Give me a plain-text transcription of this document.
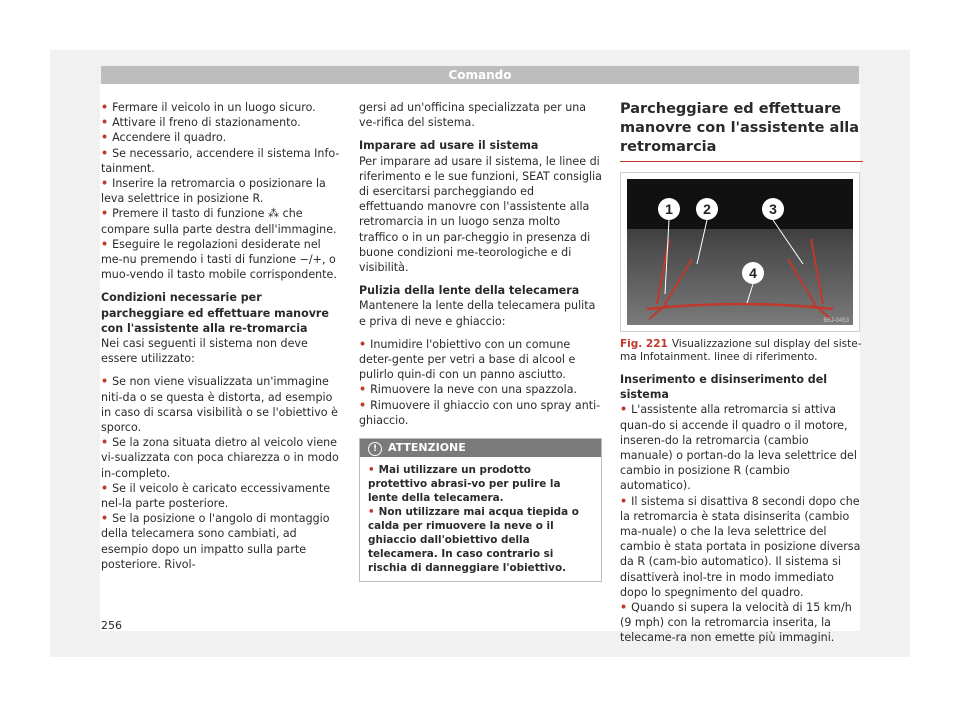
Comando
• Fermare il veicolo in un luogo sicuro.
• Attivare il freno di stazionamento.
• Accendere il quadro.
• Se necessario, accendere il sistema Info-tainment.
• Inserire la retromarcia o posizionare la leva selettrice in posizione R.
• Premere il tasto di funzione ⁂ che compare sulla parte destra dell'immagine.
• Eseguire le regolazioni desiderate nel me-nu premendo i tasti di funzione −/+, o muo-vendo il tasto mobile corrispondente.

Condizioni necessarie per parcheggiare ed effettuare manovre con l'assistente alla re-tromarcia

Nei casi seguenti il sistema non deve essere utilizzato:

• Se non viene visualizzata un'immagine niti-da o se questa è distorta, ad esempio in caso di scarsa visibilità o se l'obiettivo è sporco.
• Se la zona situata dietro al veicolo viene vi-sualizzata con poca chiarezza o in modo in-completo.
• Se il veicolo è caricato eccessivamente nel-la parte posteriore.
• Se la posizione o l'angolo di montaggio della telecamera sono cambiati, ad esempio dopo un impatto sulla parte posteriore. Rivol-

gersi ad un'officina specializzata per una ve-rifica del sistema.

Imparare ad usare il sistema

Per imparare ad usare il sistema, le linee di riferimento e le sue funzioni, SEAT consiglia di esercitarsi parcheggiando ed effettuando manovre con l'assistente alla retromarcia in un luogo senza molto traffico o in un par-cheggio in presenza di buone condizioni me-teorologiche e di visibilità.

Pulizia della lente della telecamera

Mantenere la lente della telecamera pulita e priva di neve e ghiaccio:

• Inumidire l'obiettivo con un comune deter-gente per vetri a base di alcool e pulirlo quin-di con un panno asciutto.
• Rimuovere la neve con una spazzola.
• Rimuovere il ghiaccio con uno spray anti-ghiaccio.
! ATTENZIONE
• Mai utilizzare un prodotto protettivo abrasi-vo per pulire la lente della telecamera.
• Non utilizzare mai acqua tiepida o calda per rimuovere la neve o il ghiaccio dall'obiettivo della telecamera. In caso contrario si rischia di danneggiare l'obiettivo.

Parcheggiare ed effettuare manovre con l'assistente alla retromarcia

1 2	3
4
B6J-0453
Fig. 221 Visualizzazione sul display del siste-ma Infotainment. linee di riferimento.

Inserimento e disinserimento del sistema

• L'assistente alla retromarcia si attiva quan-do si accende il quadro o il motore, inseren-do la retromarcia (cambio manuale) o portan-do la leva selettrice del cambio in posizione R (cambio automatico).
• Il sistema si disattiva 8 secondi dopo che la retromarcia è stata disinserita (cambio ma-nuale) o che la leva selettrice del cambio è stata portata in posizione diversa da R (cam-bio automatico). Il sistema si disattiverà inol-tre in modo immediato dopo lo spegnimento del quadro.
• Quando si supera la velocità di 15 km/h (9 mph) con la retromarcia inserita, la telecame-ra non emette più immagini.
256
